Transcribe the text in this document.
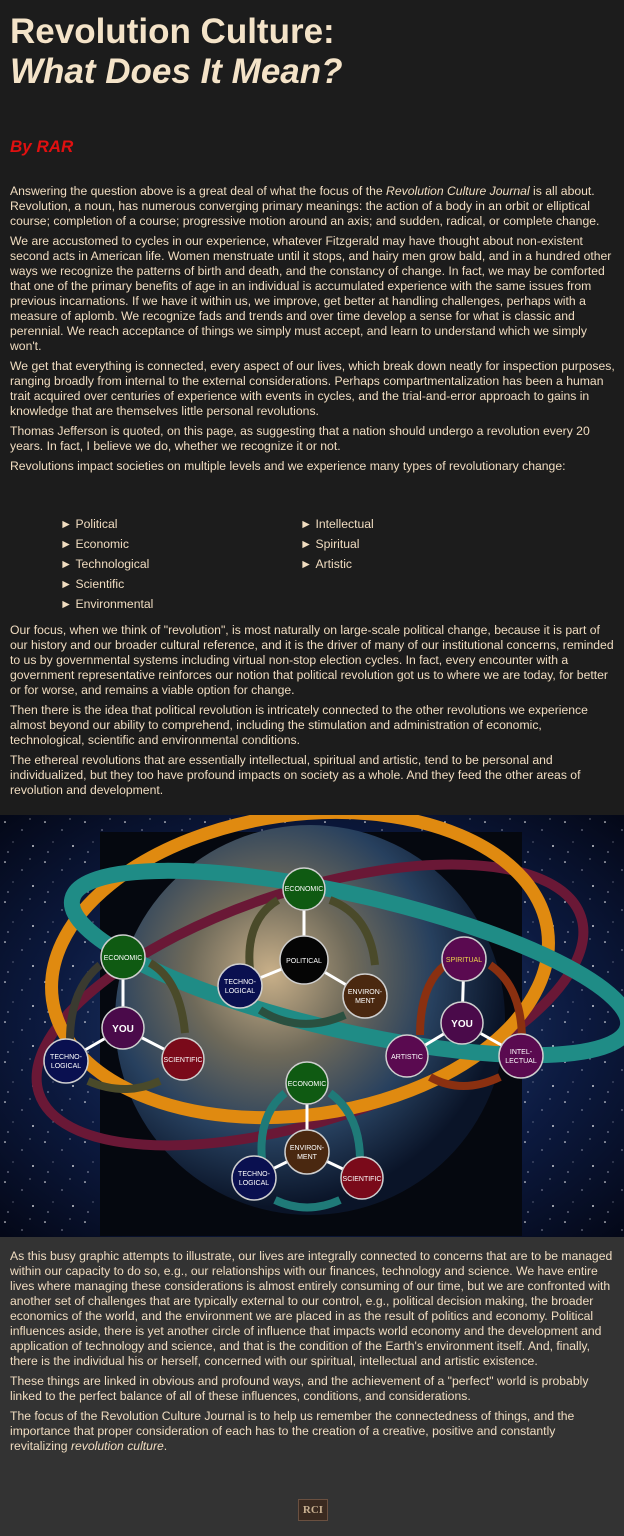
Revolution Culture:
What Does It Mean?
By RAR

Answering the question above is a great deal of what the focus of the Revolution Culture Journal is all about. Revolution, a noun, has numerous converging primary meanings: the action of a body in an orbit or elliptical course; completion of a course; progressive motion around an axis; and sudden, radical, or complete change.

We are accustomed to cycles in our experience, whatever Fitzgerald may have thought about non-existent second acts in American life. Women menstruate until it stops, and hairy men grow bald, and in a hundred other ways we recognize the patterns of birth and death, and the constancy of change. In fact, we may be comforted that one of the primary benefits of age in an individual is accumulated experience with the same issues from previous incarnations. If we have it within us, we improve, get better at handling challenges, perhaps with a measure of aplomb. We recognize fads and trends and over time develop a sense for what is classic and perennial. We reach acceptance of things we simply must accept, and learn to understand which we simply won't.

We get that everything is connected, every aspect of our lives, which break down neatly for inspection purposes, ranging broadly from internal to the external considerations. Perhaps compartmentalization has been a human trait acquired over centuries of experience with events in cycles, and the trial-and-error approach to gains in knowledge that are themselves little personal revolutions.

Thomas Jefferson is quoted, on this page, as suggesting that a nation should undergo a revolution every 20 years. In fact, I believe we do, whether we recognize it or not.

Revolutions impact societies on multiple levels and we experience many types of revolutionary change:

► Political
► Economic
► Technological
► Scientific
► Environmental
► Intellectual
► Spiritual
► Artistic

Our focus, when we think of "revolution", is most naturally on large-scale political change, because it is part of our history and our broader cultural reference, and it is the driver of many of our institutional concerns, reminded to us by governmental systems including virtual non-stop election cycles. In fact, every encounter with a government representative reinforces our notion that political revolution got us to where we are today, for better or for worse, and remains a viable option for change.

Then there is the idea that political revolution is intricately connected to the other revolutions we experience almost beyond our ability to comprehend, including the stimulation and administration of economic, technological, scientific and environmental conditions.

The ethereal revolutions that are essentially intellectual, spiritual and artistic, tend to be personal and individualized, but they too have profound impacts on society as a whole. And they feed the other areas of revolution and development.

ECONOMIC
POLITICAL
TECHNO-
LOGICAL	ENVIRON-
MENT
ECONOMIC
YOU
TECHNO-
LOGICAL
SCIENTIFIC
SPIRITUAL
YOU
ARTISTIC
INTEL-
LECTUAL
ECONOMIC
ENVIRON-
MENT
TECHNO-
LOGICAL
SCIENTIFIC

As this busy graphic attempts to illustrate, our lives are integrally connected to concerns that are to be managed within our capacity to do so, e.g., our relationships with our finances, technology and science. We have entire lives where managing these considerations is almost entirely consuming of our time, but we are confronted with another set of challenges that are typically external to our control, e.g., political decision making, the broader economics of the world, and the environment we are placed in as the result of politics and economy. Political influences aside, there is yet another circle of influence that impacts world economy and the development and application of technology and science, and that is the condition of the Earth's environment itself. And, finally, there is the individual his or herself, concerned with our spiritual, intellectual and artistic existence.

These things are linked in obvious and profound ways, and the achievement of a "perfect" world is probably linked to the perfect balance of all of these influences, conditions, and considerations.

The focus of the Revolution Culture Journal is to help us remember the connectedness of things, and the importance that proper consideration of each has to the creation of a creative, positive and constantly revitalizing revolution culture.

RCI
